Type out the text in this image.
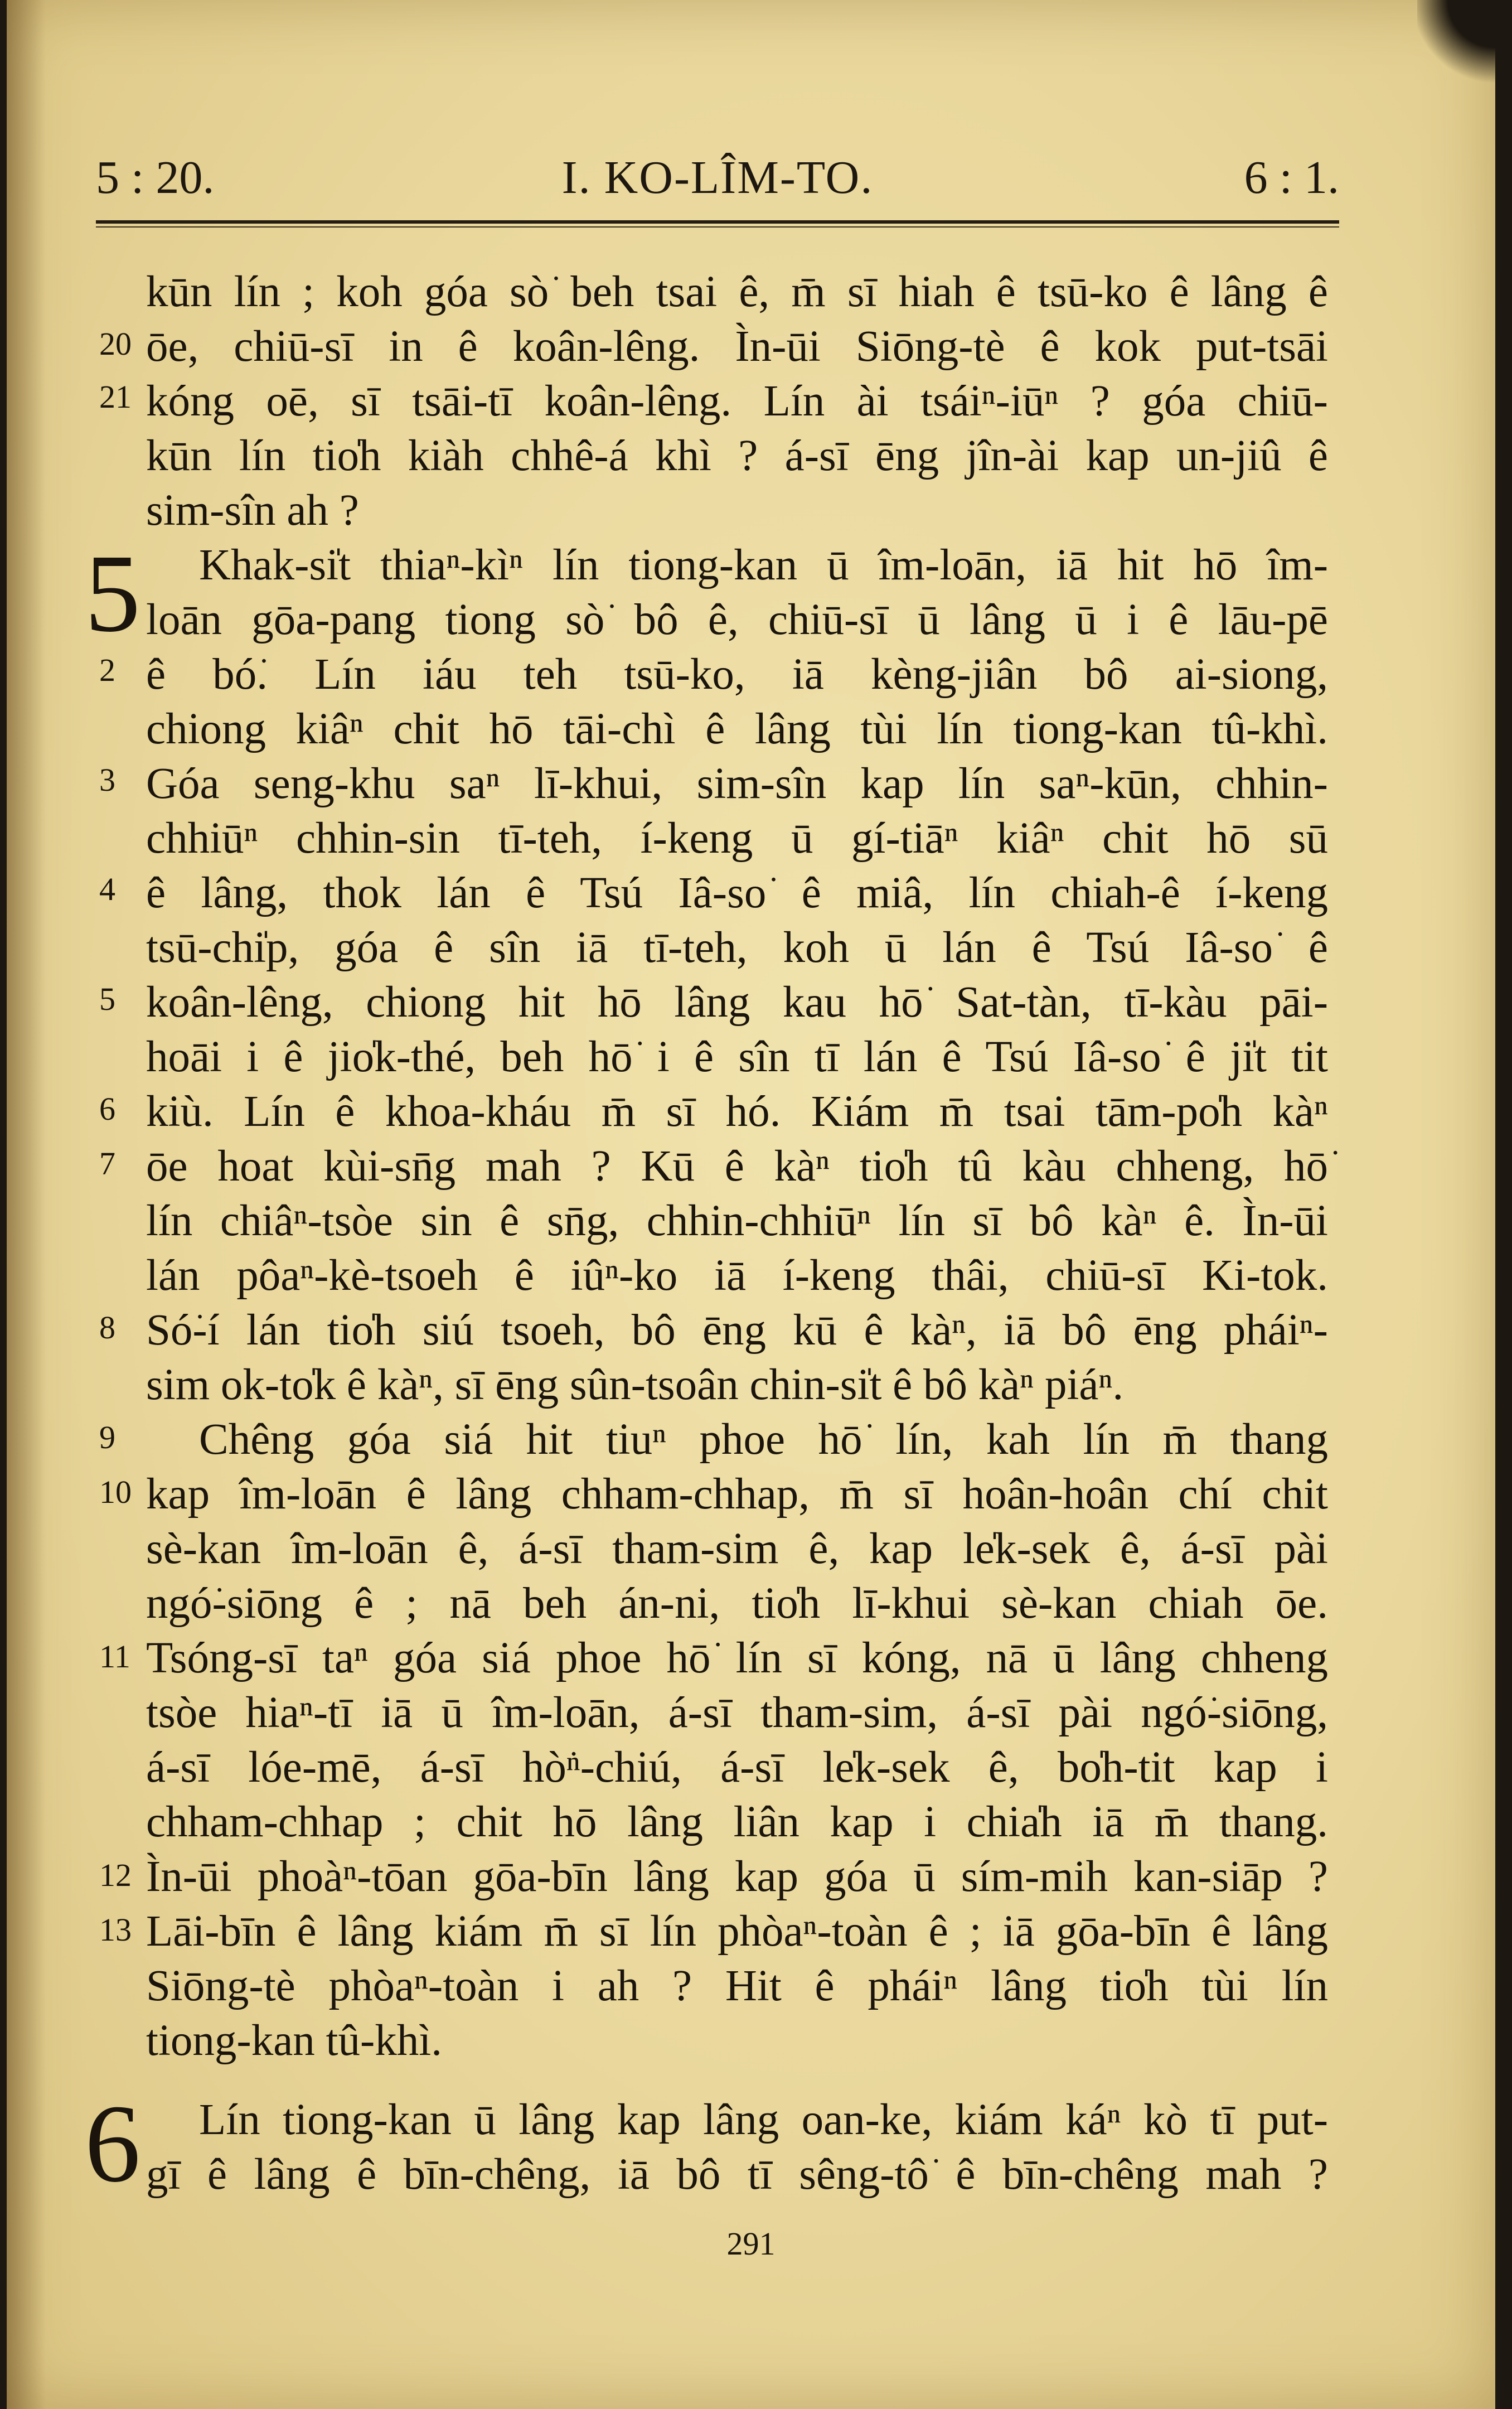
5 : 20.	I. KO-LÎM-TO.	6 : 1.
5
6
20
21
2
3
4
5
6
7
8
9
10
11
12
13
kūn lín ; koh góa sò͘ beh tsai ê, m̄ sī hiah ê tsū-ko ê lâng ê
ōe, chiū-sī in ê koân-lêng. Ìn-ūi Siōng-tè ê kok put-tsāi
kóng oē, sī tsāi-tī koân-lêng. Lín ài tsáiⁿ-iūⁿ ? góa chiū-
kūn lín tio̍h kiàh chhê-á khì ? á-sī ēng jîn-ài kap un-jiû ê
sim-sîn ah ?
Khak-si̍t thiaⁿ-kìⁿ lín tiong-kan ū îm-loān, iā hit hō îm-
loān gōa-pang tiong sò͘ bô ê, chiū-sī ū lâng ū i ê lāu-pē
ê bó͘. Lín iáu teh tsū-ko, iā kèng-jiân bô ai-siong,
chiong kiâⁿ chit hō tāi-chì ê lâng tùi lín tiong-kan tû-khì.
Góa seng-khu saⁿ lī-khui, sim-sîn kap lín saⁿ-kūn, chhin-
chhiūⁿ chhin-sin tī-teh, í-keng ū gí-tiāⁿ kiâⁿ chit hō sū
ê lâng, thok lán ê Tsú Iâ-so͘ ê miâ, lín chiah-ê í-keng
tsū-chi̍p, góa ê sîn iā tī-teh, koh ū lán ê Tsú Iâ-so͘ ê
koân-lêng, chiong hit hō lâng kau hō͘ Sat-tàn, tī-kàu pāi-
hoāi i ê jio̍k-thé, beh hō͘ i ê sîn tī lán ê Tsú Iâ-so͘ ê ji̍t tit
kiù. Lín ê khoa-kháu m̄ sī hó. Kiám m̄ tsai tām-po̍h kàⁿ
ōe hoat kùi-sn̄g mah ? Kū ê kàⁿ tio̍h tû kàu chheng, hō͘
lín chiâⁿ-tsòe sin ê sn̄g, chhin-chhiūⁿ lín sī bô kàⁿ ê. Ìn-ūi
lán pôaⁿ-kè-tsoeh ê iûⁿ-ko iā í-keng thâi, chiū-sī Ki-tok.
Só͘-í lán tio̍h siú tsoeh, bô ēng kū ê kàⁿ, iā bô ēng pháiⁿ-
sim ok-to̍k ê kàⁿ, sī ēng sûn-tsoân chin-si̍t ê bô kàⁿ piáⁿ.
Chêng góa siá hit tiuⁿ phoe hō͘ lín, kah lín m̄ thang
kap îm-loān ê lâng chham-chhap, m̄ sī hoân-hoân chí chit
sè-kan îm-loān ê, á-sī tham-sim ê, kap le̍k-sek ê, á-sī pài
ngó͘-siōng ê ; nā beh án-ni, tio̍h lī-khui sè-kan chiah ōe.
Tsóng-sī taⁿ góa siá phoe hō͘ lín sī kóng, nā ū lâng chheng
tsòe hiaⁿ-tī iā ū îm-loān, á-sī tham-sim, á-sī pài ngó͘-siōng,
á-sī lóe-mē, á-sī hò͘ⁿ-chiú, á-sī le̍k-sek ê, bo̍h-tit kap i
chham-chhap ; chit hō lâng liân kap i chia̍h iā m̄ thang.
Ìn-ūi phoàⁿ-tōan gōa-bīn lâng kap góa ū sím-mih kan-siāp ?
Lāi-bīn ê lâng kiám m̄ sī lín phòaⁿ-toàn ê ; iā gōa-bīn ê lâng
Siōng-tè phòaⁿ-toàn i ah ? Hit ê pháiⁿ lâng tio̍h tùi lín
tiong-kan tû-khì.
Lín tiong-kan ū lâng kap lâng oan-ke, kiám káⁿ kò tī put-
gī ê lâng ê bīn-chêng, iā bô tī sêng-tô͘ ê bīn-chêng mah ?
291
